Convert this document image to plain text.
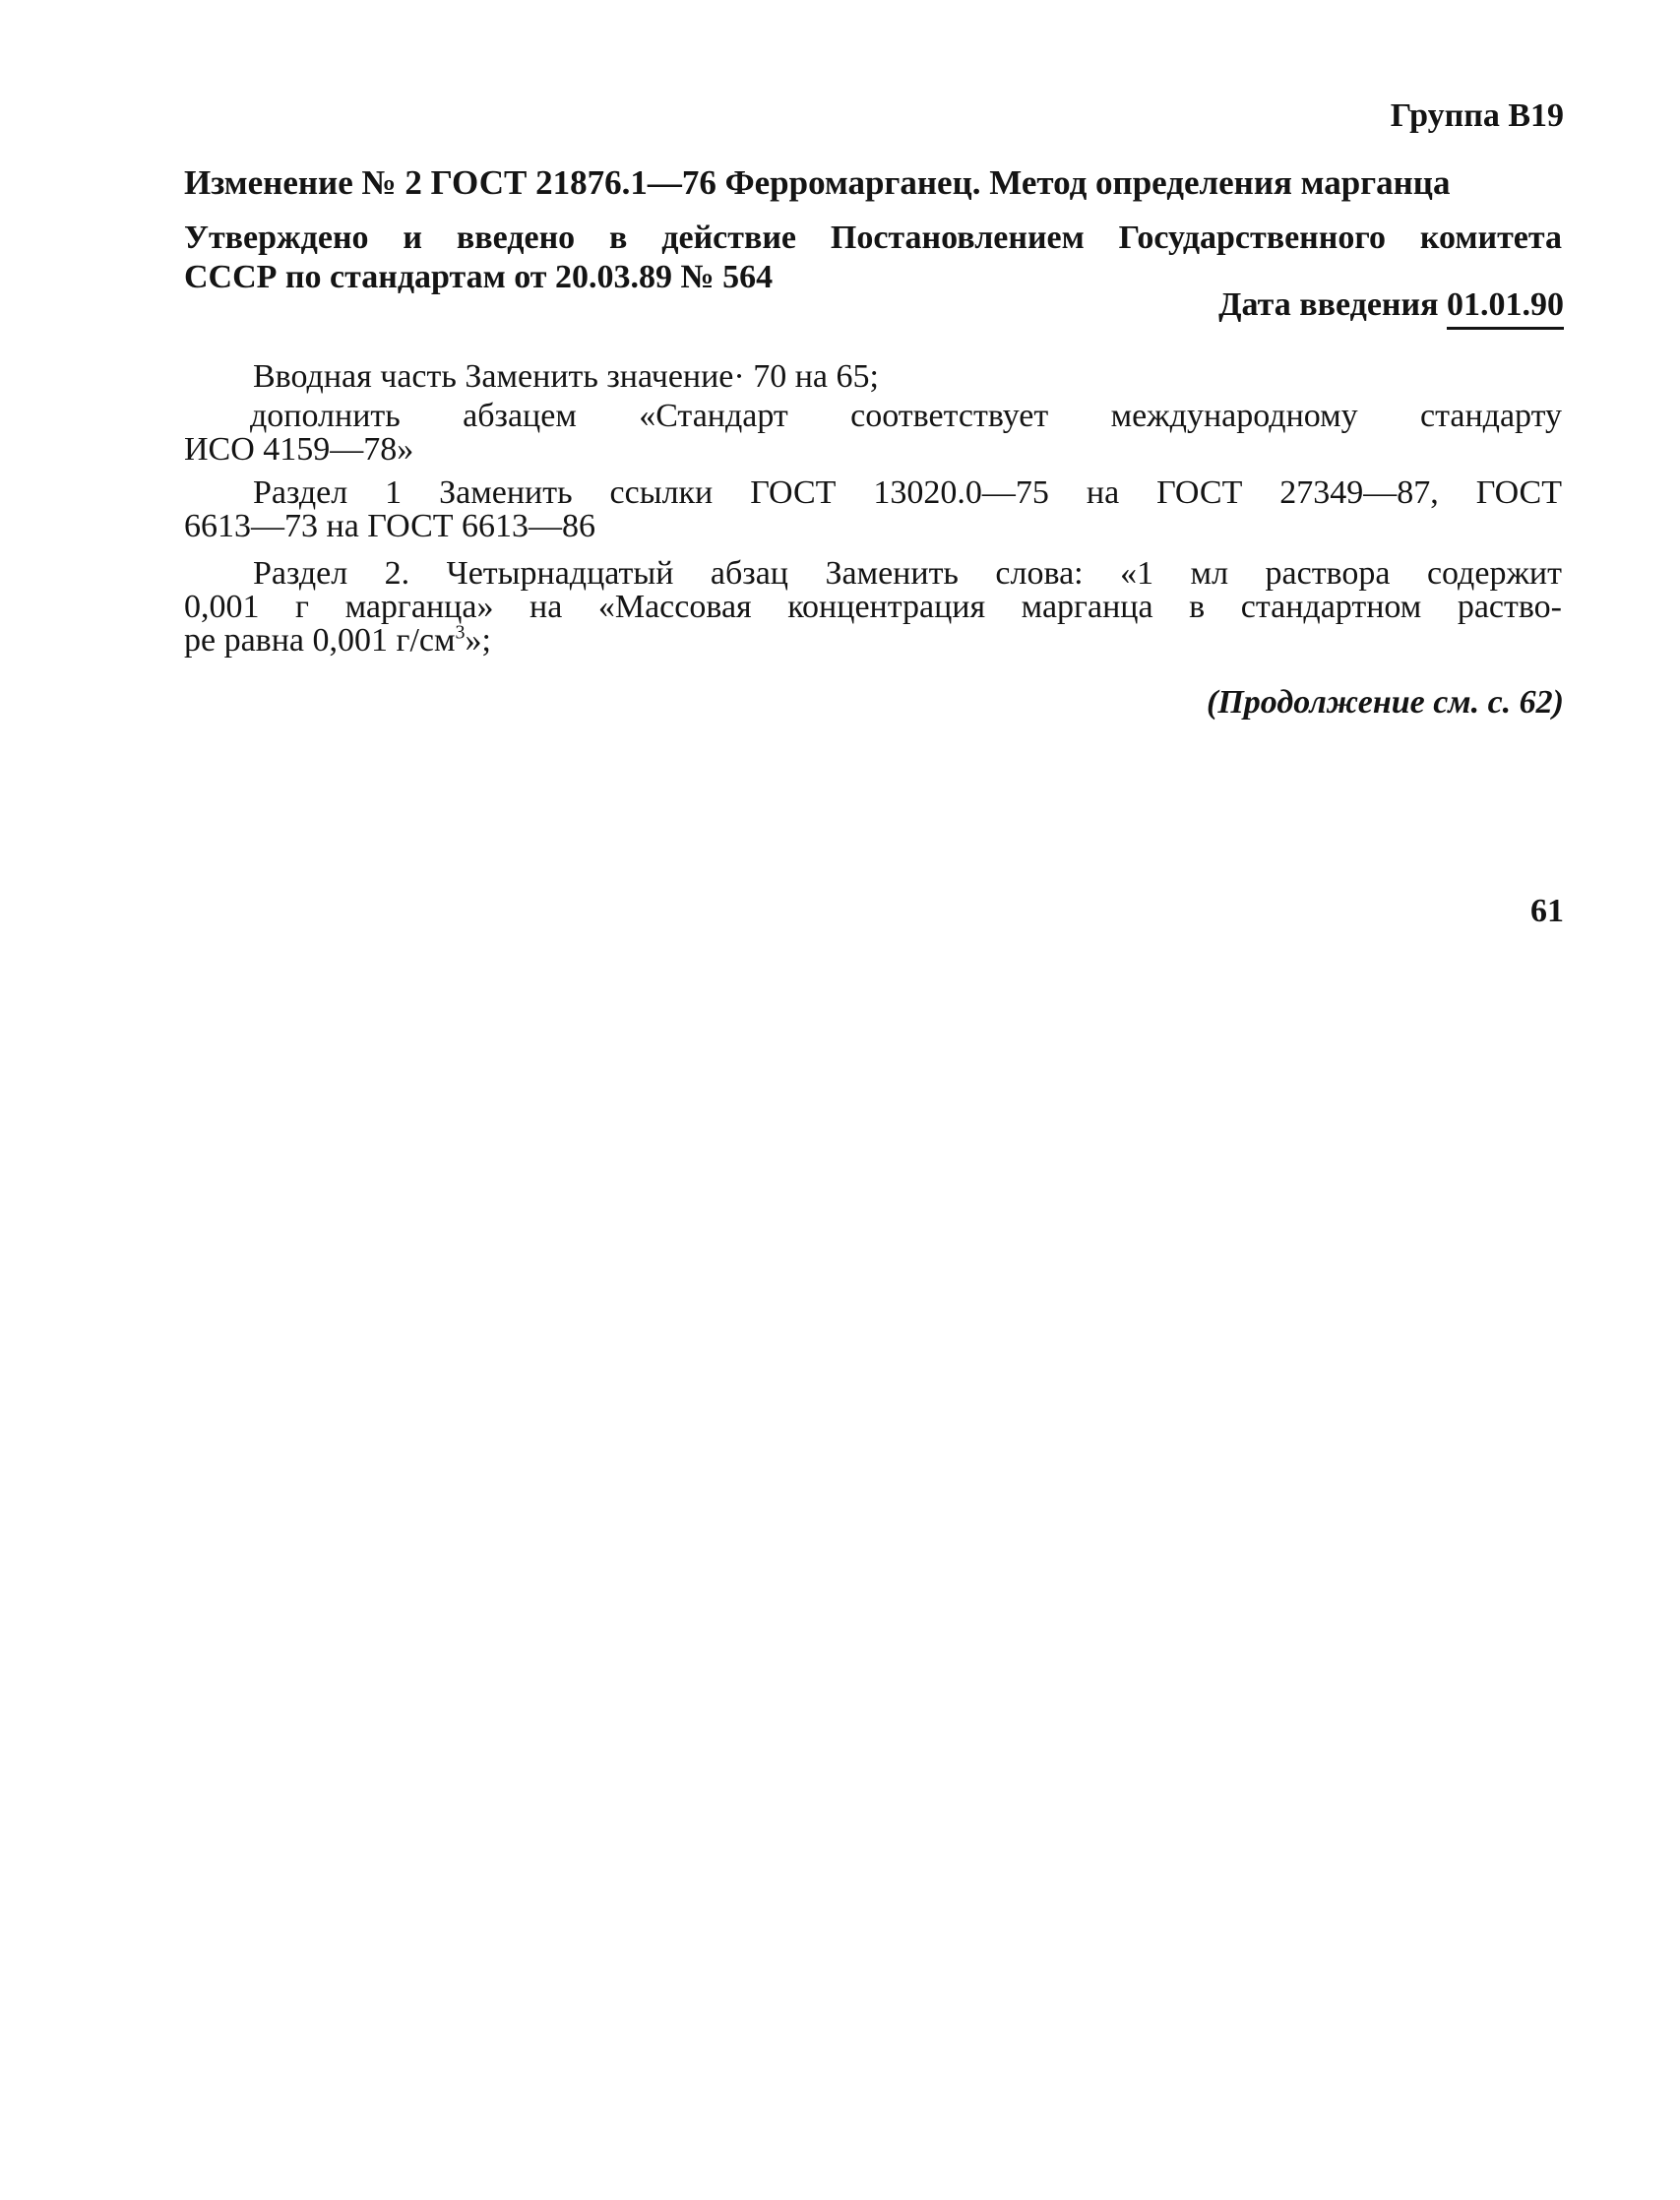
Группа В19
Изменение № 2 ГОСТ 21876.1—76 Ферромарганец. Метод определения марганца
Утверждено и введено в действие Постановлением Государственного комитета
СССР по стандартам от 20.03.89 № 564
Дата введения 01.01.90
Вводная часть Заменить значение· 70 на 65;
дополнить абзацем «Стандарт соответствует международному стандарту
ИСО 4159—78»
Раздел 1 Заменить ссылки ГОСТ 13020.0—75 на ГОСТ 27349—87, ГОСТ
6613—73 на ГОСТ 6613—86
Раздел 2. Четырнадцатый абзац Заменить слова: «1 мл раствора содержит
0,001 г марганца» на «Массовая концентрация марганца в стандартном раство-
ре равна 0,001 $г/см^3$»;
(Продолжение см. с. 62)
61
